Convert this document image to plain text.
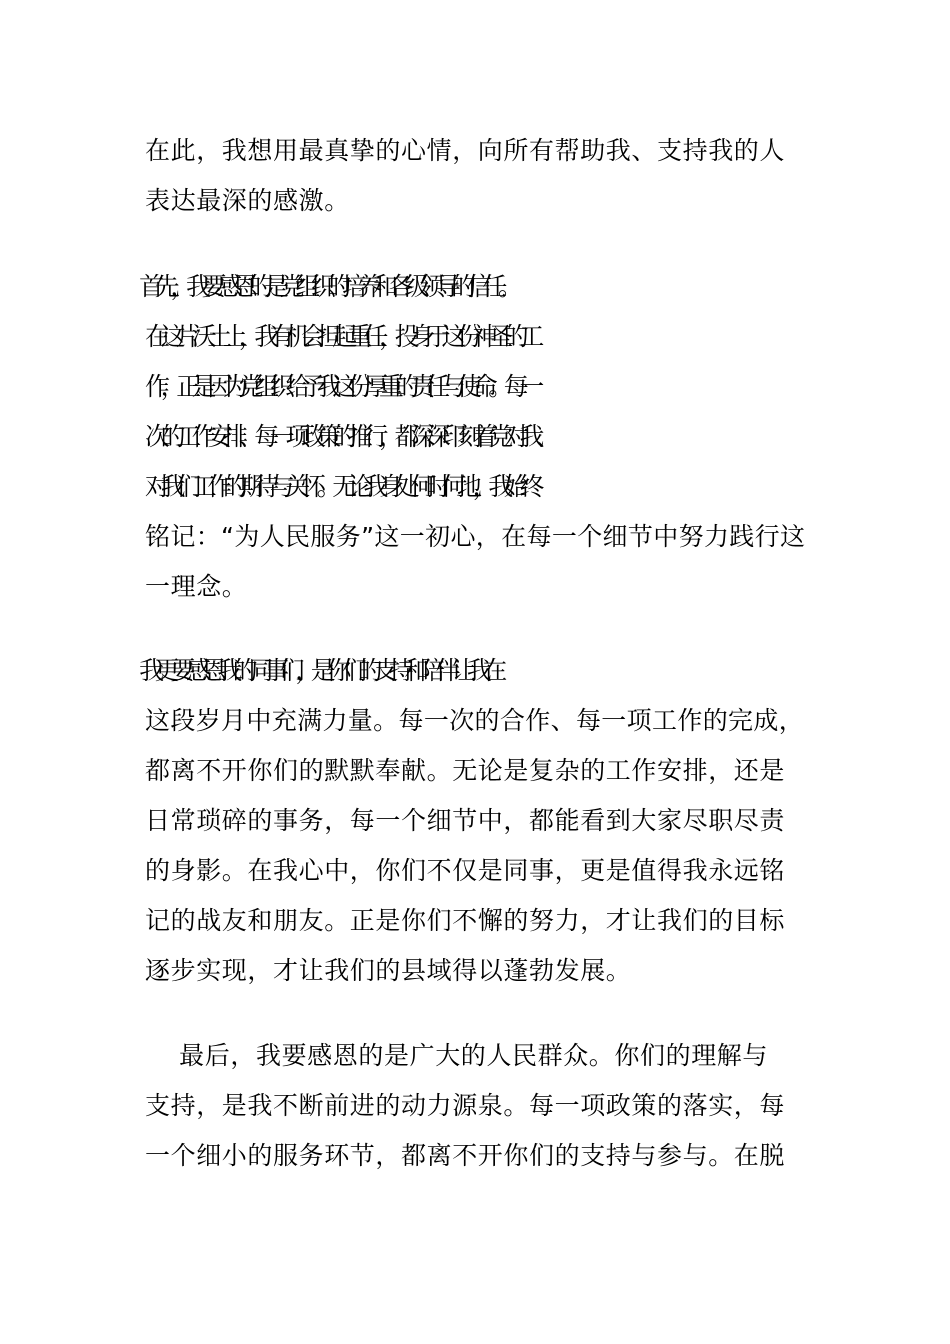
在此，我想用最真挚的心情，向所有帮助我、支持我的人
表达最深的感激。
首先，我要感恩的是党组织的培养和各级领导的信任。
在这片沃土上，我有机会担起重任，投身于这份神圣的工
作，正是因为党组织给予我这份厚重的责任与使命。每一
次的工作安排、每一项政策的推行，都深深印刻着党对我、
对我们工作的期待与关怀。无论我身处何时何地，我始终
铭记：“为人民服务”这一初心，在每一个细节中努力践行这
一理念。
我更要感恩我的同事们，是你们的支持和陪伴让我在
这段岁月中充满力量。每一次的合作、每一项工作的完成，
都离不开你们的默默奉献。无论是复杂的工作安排，还是
日常琐碎的事务，每一个细节中，都能看到大家尽职尽责
的身影。在我心中，你们不仅是同事，更是值得我永远铭
记的战友和朋友。正是你们不懈的努力，才让我们的目标
逐步实现，才让我们的县域得以蓬勃发展。
最后，我要感恩的是广大的人民群众。你们的理解与
支持，是我不断前进的动力源泉。每一项政策的落实，每
一个细小的服务环节，都离不开你们的支持与参与。在脱
